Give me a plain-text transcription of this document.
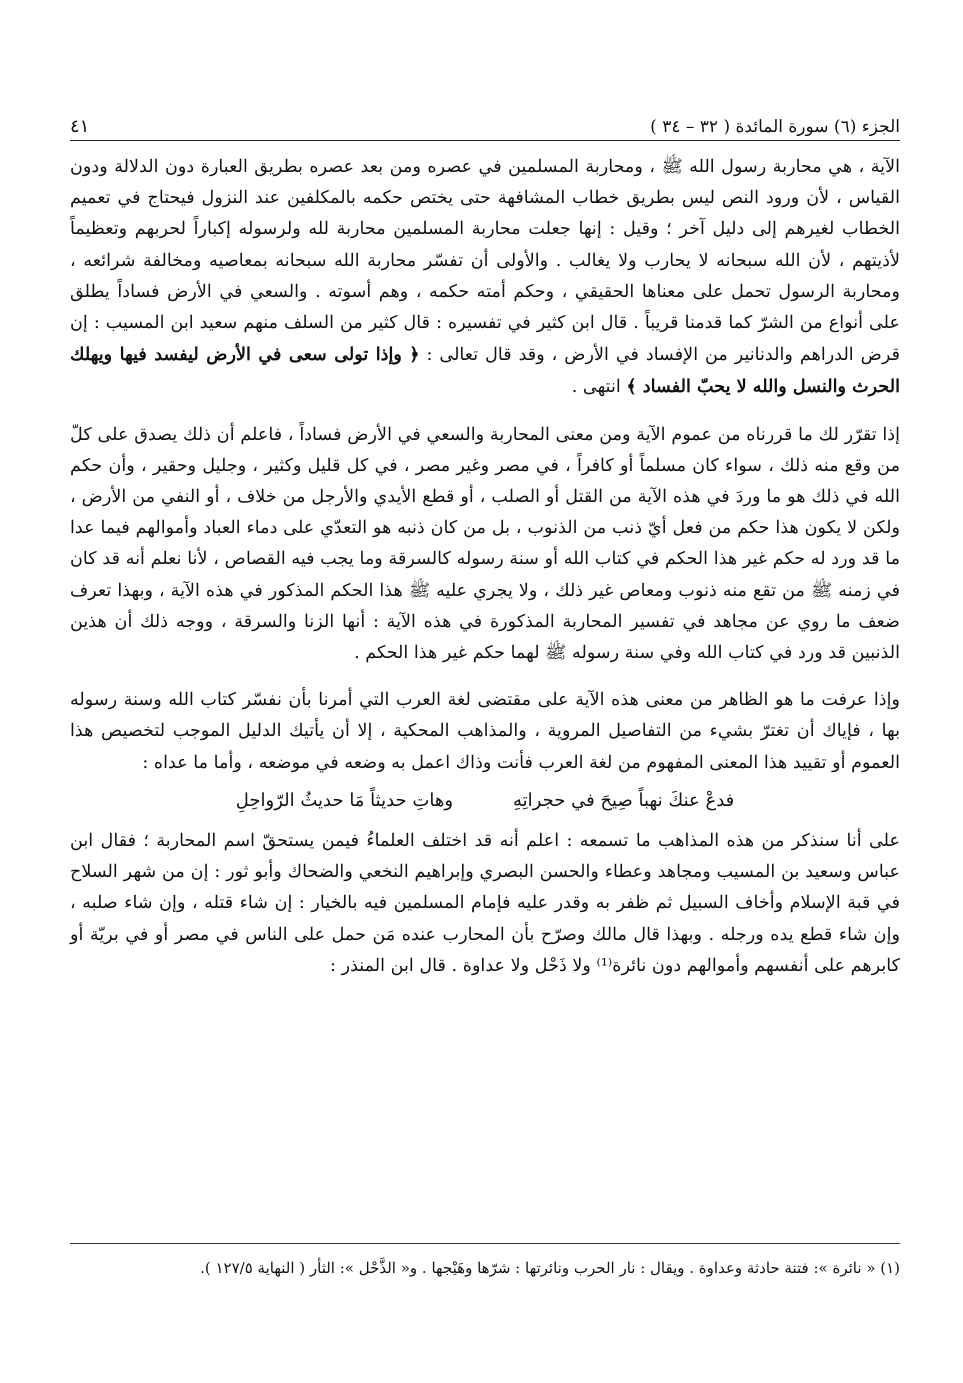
الجزء (٦) سورة المائدة ( ٣٢ – ٣٤ )
٤١

الآية ، هي محاربة رسول الله ﷺ ، ومحاربة المسلمين في عصره ومن بعد عصره بطريق العبارة دون الدلالة ودون القياس ، لأن ورود النص ليس بطريق خطاب المشافهة حتى يختص حكمه بالمكلفين عند النزول فيحتاج في تعميم الخطاب لغيرهم إلى دليل آخر ؛ وقيل : إنها جعلت محاربة المسلمين محاربة لله ولرسوله إكباراً لحربهم وتعظيماً لأذيتهم ، لأن الله سبحانه لا يحارب ولا يغالب . والأولى أن تفسّر محاربة الله سبحانه بمعاصيه ومخالفة شرائعه ، ومحاربة الرسول تحمل على معناها الحقيقي ، وحكم أمته حكمه ، وهم أسوته . والسعي في الأرض فساداً يطلق على أنواع من الشرّ كما قدمنا قريباً . قال ابن كثير في تفسيره : قال كثير من السلف منهم سعيد ابن المسيب : إن قرض الدراهم والدنانير من الإفساد في الأرض ، وقد قال تعالى : ﴿ وإذا تولى سعى في الأرض ليفسد فيها ويهلك الحرث والنسل والله لا يحبّ الفساد ﴾ انتهى .

إذا تقرّر لك ما قررناه من عموم الآية ومن معنى المحاربة والسعي في الأرض فساداً ، فاعلم أن ذلك يصدق على كلّ من وقع منه ذلك ، سواء كان مسلماً أو كافراً ، في مصر وغير مصر ، في كل قليل وكثير ، وجليل وحقير ، وأن حكم الله في ذلك هو ما وردَ في هذه الآية من القتل أو الصلب ، أو قطع الأيدي والأرجل من خلاف ، أو النفي من الأرض ، ولكن لا يكون هذا حكم من فعل أيّ ذنب من الذنوب ، بل من كان ذنبه هو التعدّي على دماء العباد وأموالهم فيما عدا ما قد ورد له حكم غير هذا الحكم في كتاب الله أو سنة رسوله كالسرقة وما يجب فيه القصاص ، لأنا نعلم أنه قد كان في زمنه ﷺ من تقع منه ذنوب ومعاص غير ذلك ، ولا يجري عليه ﷺ هذا الحكم المذكور في هذه الآية ، وبهذا تعرف ضعف ما روي عن مجاهد في تفسير المحاربة المذكورة في هذه الآية : أنها الزنا والسرقة ، ووجه ذلك أن هذين الذنبين قد ورد في كتاب الله وفي سنة رسوله ﷺ لهما حكم غير هذا الحكم .

وإذا عرفت ما هو الظاهر من معنى هذه الآية على مقتضى لغة العرب التي أمرنا بأن نفسّر كتاب الله وسنة رسوله بها ، فإياك أن تغترّ بشيء من التفاصيل المروية ، والمذاهب المحكية ، إلا أن يأتيك الدليل الموجب لتخصيص هذا العموم أو تقييد هذا المعنى المفهوم من لغة العرب فأنت وذاك اعمل به وضعه في موضعه ، وأما ما عداه :

فدعْ عنكَ نهباً صِيحَ في حجراتِهِ
وهاتِ حديثاً مَا حديثُ الرّواحِلِ

على أنا سنذكر من هذه المذاهب ما تسمعه : اعلم أنه قد اختلف العلماءُ فيمن يستحقّ اسم المحاربة ؛ فقال ابن عباس وسعيد بن المسيب ومجاهد وعطاء والحسن البصري وإبراهيم النخعي والضحاك وأبو ثور : إن من شهر السلاح في قبة الإسلام وأخاف السبيل ثم ظفر به وقدر عليه فإمام المسلمين فيه بالخيار : إن شاء قتله ، وإن شاء صلبه ، وإن شاء قطع يده ورجله . وبهذا قال مالك وصرّح بأن المحارب عنده مَن حمل على الناس في مصر أو في بريّة أو كابرهم على أنفسهم وأموالهم دون نائرة⁽¹⁾ ولا ذَحْل ولا عداوة . قال ابن المنذر :

(١) « نائرة »: فتنة حادثة وعداوة . ويقال : نار الحرب ونائرتها : شرّها وهَيْجها . و« الذَّحْل »: الثأر ( النهاية ١٢٧/٥ ).
